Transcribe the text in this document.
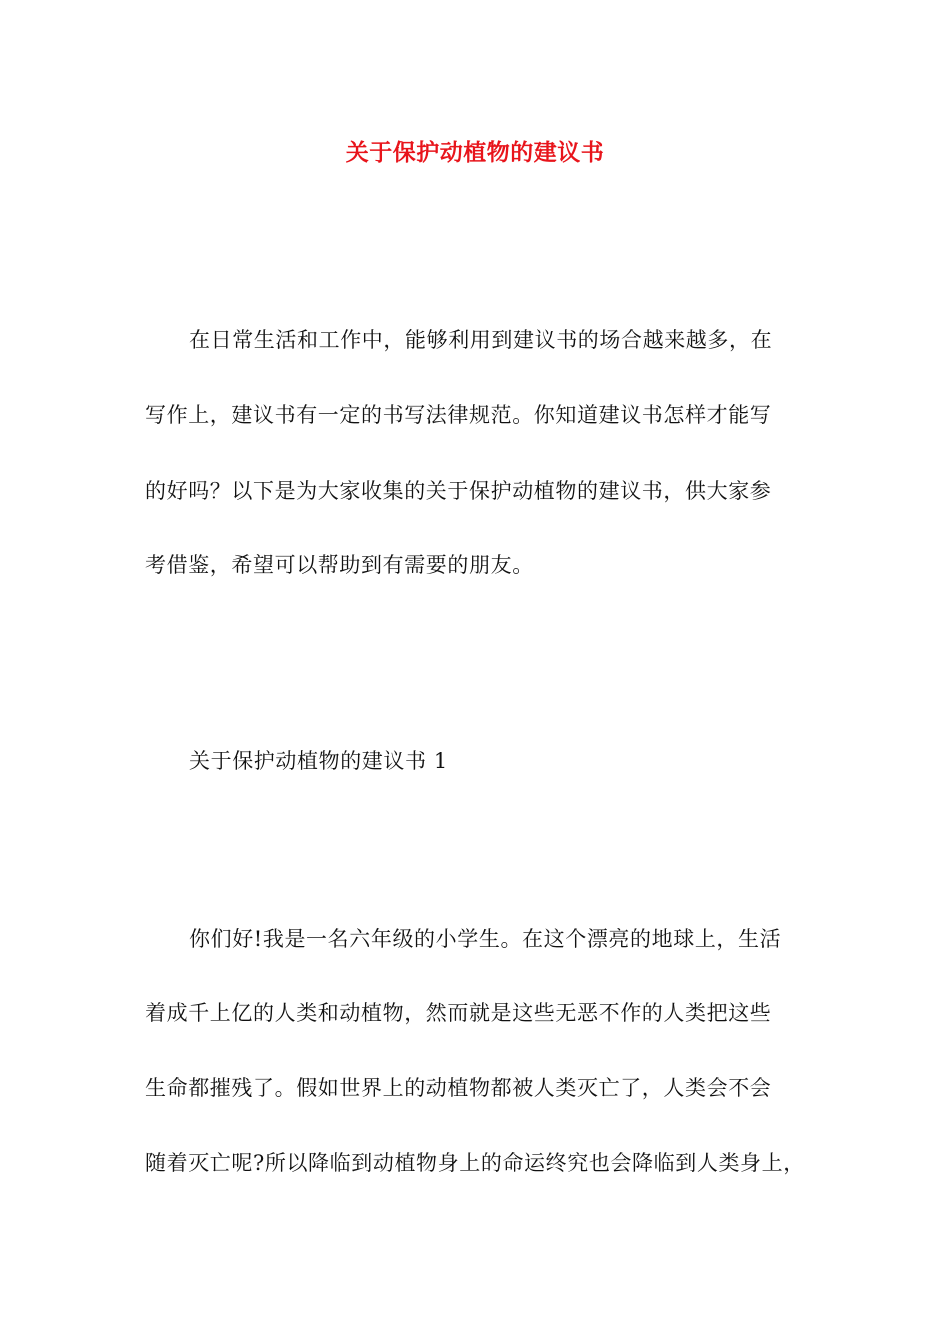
关于保护动植物的建议书
在日常生活和工作中，能够利用到建议书的场合越来越多，在
写作上，建议书有一定的书写法律规范。你知道建议书怎样才能写
的好吗？以下是为大家收集的关于保护动植物的建议书，供大家参
考借鉴，希望可以帮助到有需要的朋友。
关于保护动植物的建议书 1
你们好!我是一名六年级的小学生。在这个漂亮的地球上，生活
着成千上亿的人类和动植物，然而就是这些无恶不作的人类把这些
生命都摧残了。假如世界上的动植物都被人类灭亡了，人类会不会
随着灭亡呢?所以降临到动植物身上的命运终究也会降临到人类身上，
